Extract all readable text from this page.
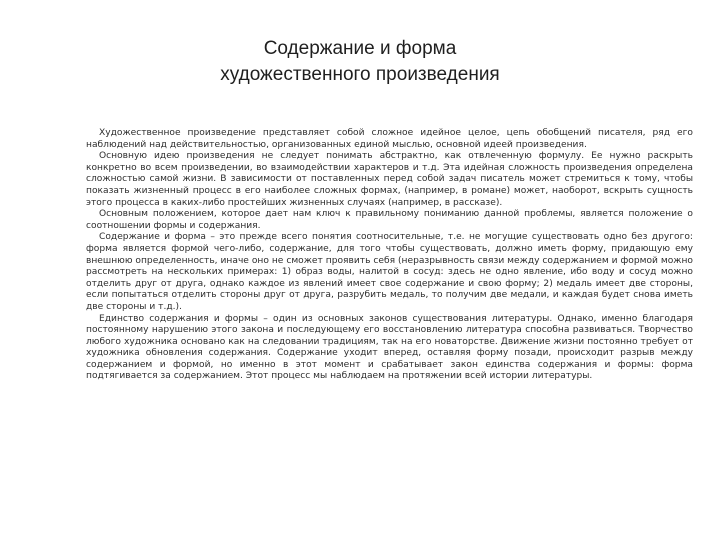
Содержание и форма
художественного произведения

Художественное произведение представляет собой сложное идейное целое, цепь обобщений писателя, ряд его наблюдений над действительностью, организованных единой мыслью, основной идеей произведения.

Основную идею произведения не следует понимать абстрактно, как отвлеченную формулу. Ее нужно раскрыть конкретно во всем произведении, во взаимодействии характеров и т.д. Эта идейная сложность произведения определена сложностью самой жизни. В зависимости от поставленных перед собой задач писатель может стремиться к тому, чтобы показать жизненный процесс в его наиболее сложных формах, (например, в романе) может, наоборот, вскрыть сущность этого процесса в каких-либо простейших жизненных случаях (например, в рассказе).

Основным положением, которое дает нам ключ к правильному пониманию данной проблемы, является положение о соотношении формы и содержания.

Содержание и форма – это прежде всего понятия соотносительные, т.е. не могущие существовать одно без другого: форма является формой чего-либо, содержание, для того чтобы существовать, должно иметь форму, придающую ему внешнюю определенность, иначе оно не сможет проявить себя (неразрывность связи между содержанием и формой можно рассмотреть на нескольких примерах: 1) образ воды, налитой в сосуд: здесь не одно явление, ибо воду и сосуд можно отделить друг от друга, однако каждое из явлений имеет свое содержание и свою форму; 2) медаль имеет две стороны, если попытаться отделить стороны друг от друга, разрубить медаль, то получим две медали, и каждая будет снова иметь две стороны и т.д.).

Единство содержания и формы – один из основных законов существования литературы. Однако, именно благодаря постоянному нарушению этого закона и последующему его восстановлению литература способна развиваться. Творчество любого художника основано как на следовании традициям, так на его новаторстве. Движение жизни постоянно требует от художника обновления содержания. Содержание уходит вперед, оставляя форму позади, происходит разрыв между содержанием и формой, но именно в этот момент и срабатывает закон единства содержания и формы: форма подтягивается за содержанием. Этот процесс мы наблюдаем на протяжении всей истории литературы.
